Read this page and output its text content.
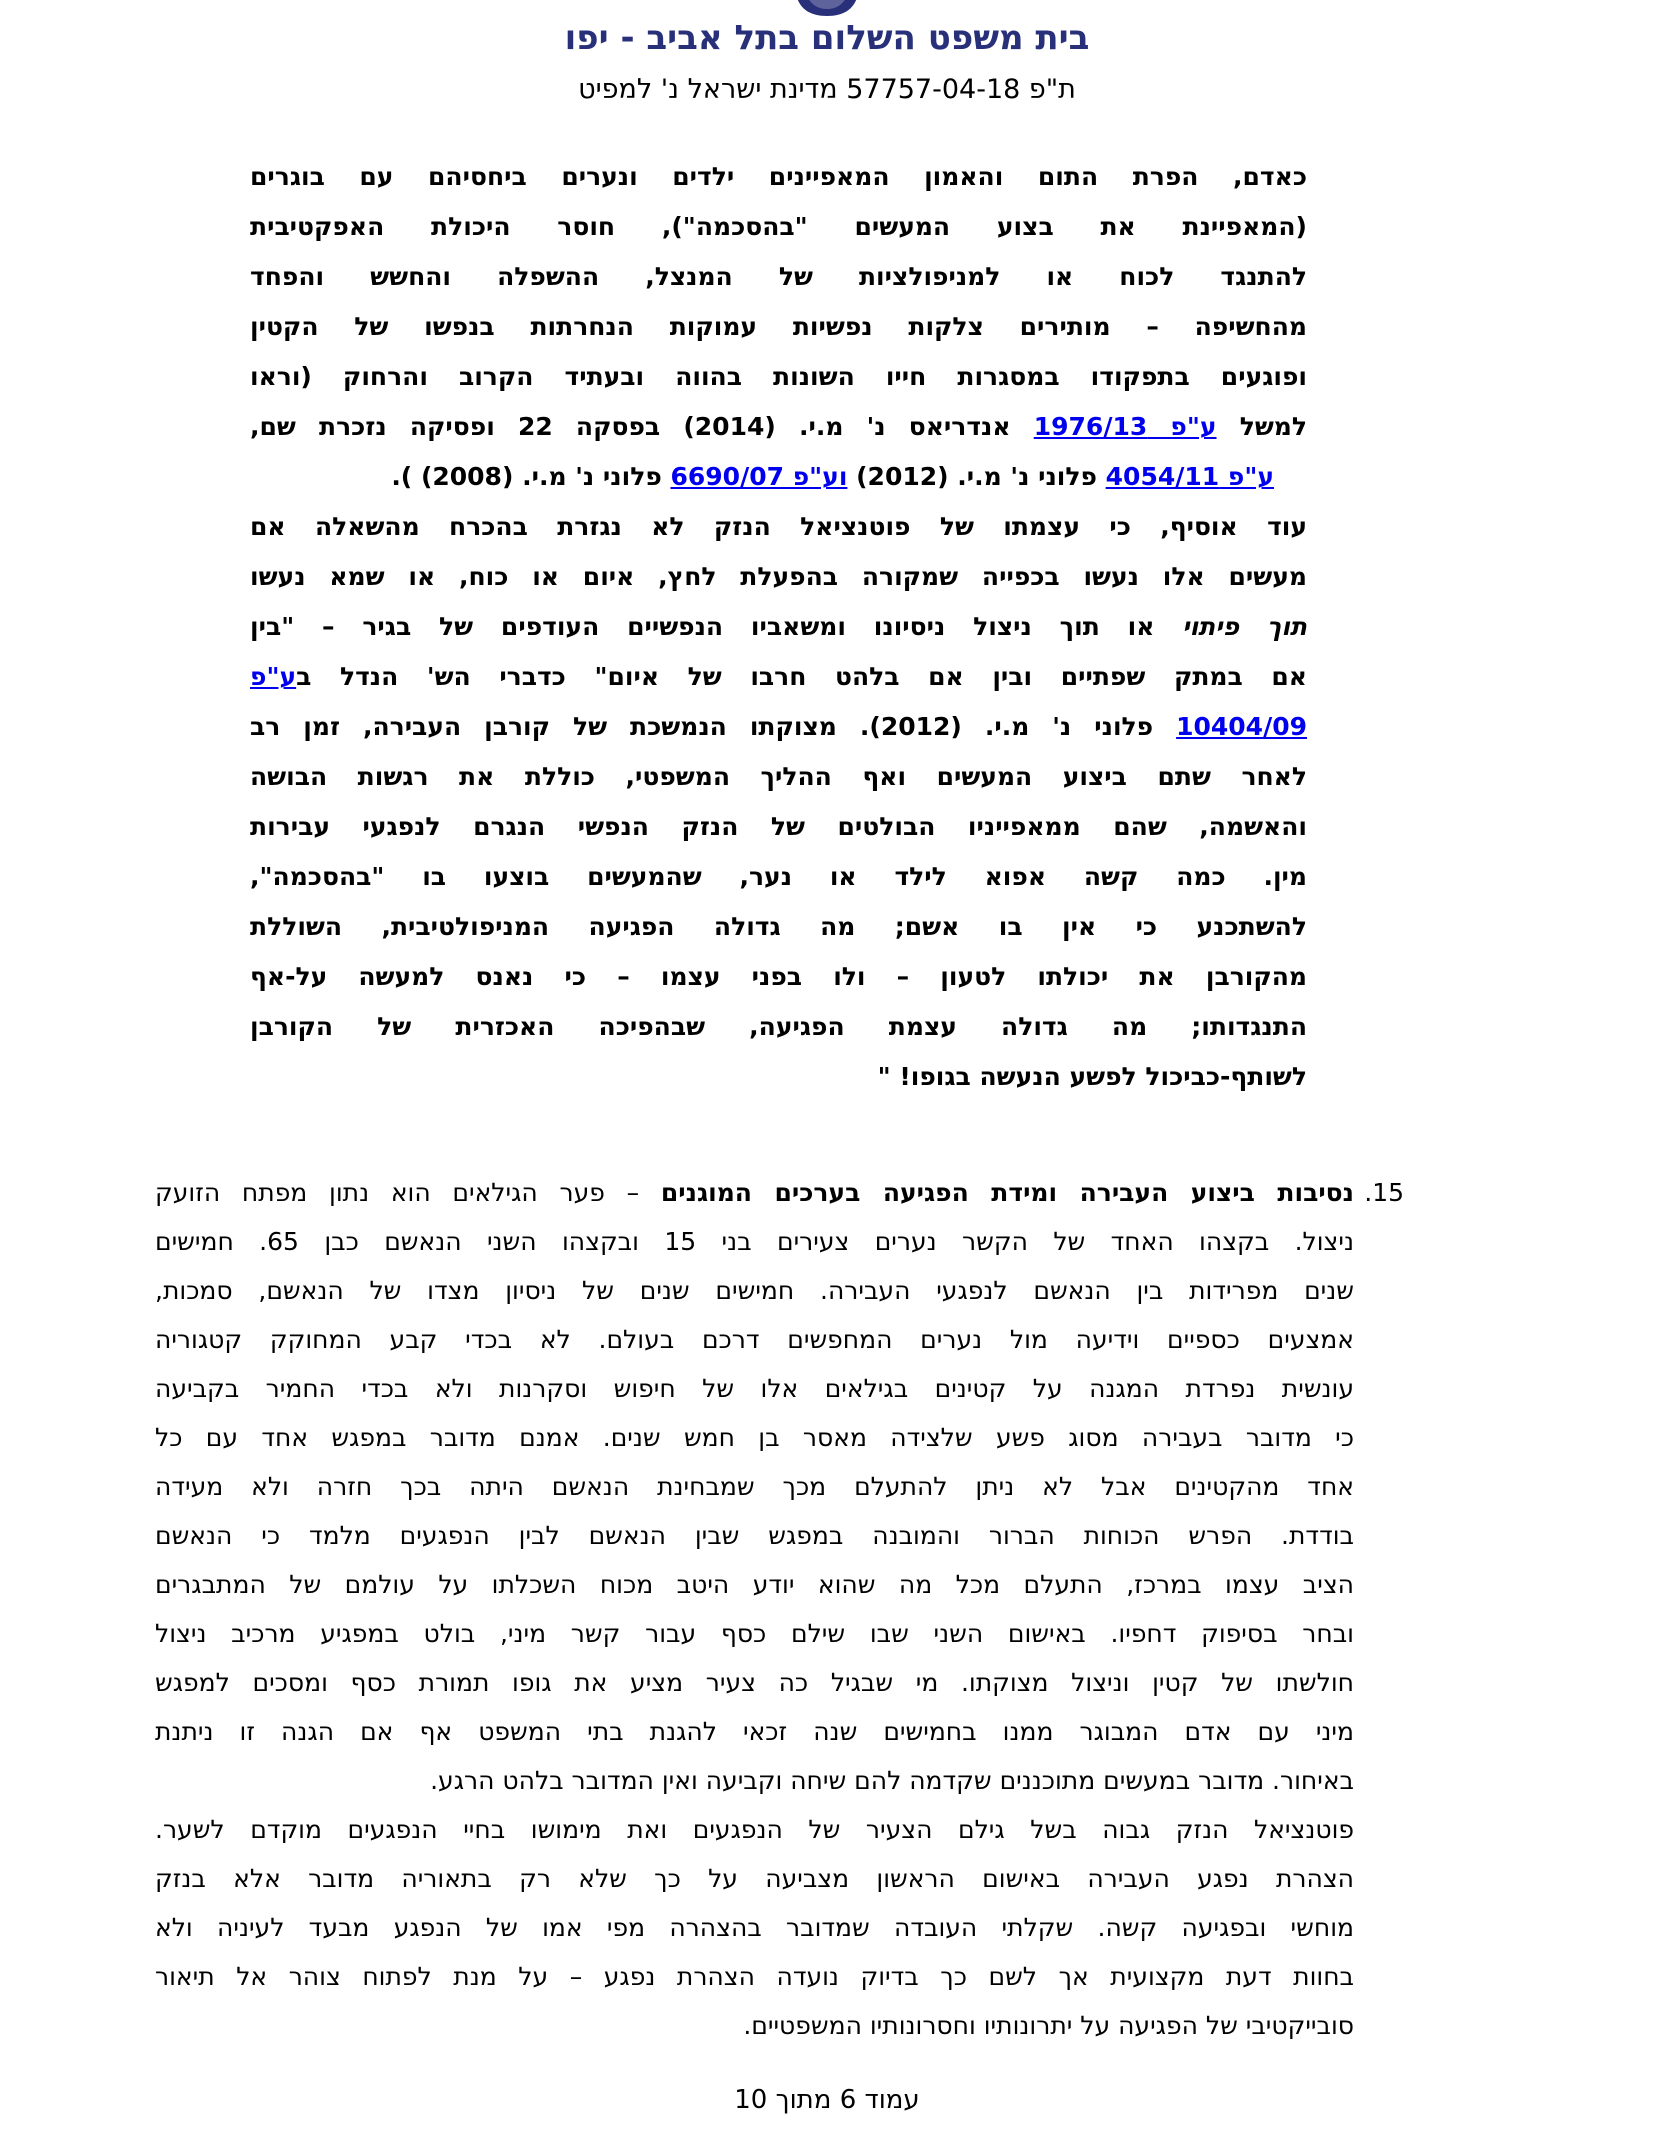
בית משפט השלום בתל אביב - יפו
ת"פ 57757-04-18 מדינת ישראל נ' למפיט
כאדם, הפרת התום והאמון המאפיינים ילדים ונערים ביחסיהם עם בוגרים
(המאפיינת את בצוע המעשים "בהסכמה"), חוסר היכולת האפקטיבית
להתנגד לכוח או למניפולציות של המנצל, ההשפלה והחשש והפחד
מהחשיפה – מותירים צלקות נפשיות עמוקות הנחרתות בנפשו של הקטין
ופוגעים בתפקודו במסגרות חייו השונות בהווה ובעתיד הקרוב והרחוק (וראו
למשל ע"פ 1976/13 אנדריאס נ' מ.י. (2014) בפסקה 22 ופסיקה נזכרת שם,
ע"פ 4054/11 פלוני נ' מ.י. (2012) וע"פ 6690/07 פלוני נ' מ.י. (2008) ).
עוד אוסיף, כי עצמתו של פוטנציאל הנזק לא נגזרת בהכרח מהשאלה אם
מעשים אלו נעשו בכפייה שמקורה בהפעלת לחץ, איום או כוח, או שמא נעשו
תוך פיתוי או תוך ניצול ניסיונו ומשאביו הנפשיים העודפים של בגיר – "בין
אם במתק שפתיים ובין אם בלהט חרבו של איום" כדברי הש' הנדל בע"פ
10404/09 פלוני נ' מ.י. (2012). מצוקתו הנמשכת של קורבן העבירה, זמן רב
לאחר שתם ביצוע המעשים ואף ההליך המשפטי, כוללת את רגשות הבושה
והאשמה, שהם ממאפייניו הבולטים של הנזק הנפשי הנגרם לנפגעי עבירות
מין. כמה קשה אפוא לילד או נער, שהמעשים בוצעו בו "בהסכמה",
להשתכנע כי אין בו אשם; מה גדולה הפגיעה המניפולטיבית, השוללת
מהקורבן את יכולתו לטעון – ולו בפני עצמו – כי נאנס למעשה על-אף
התנגדותו; מה גדולה עצמת הפגיעה, שבהפיכה האכזרית של הקורבן
לשותף-כביכול לפשע הנעשה בגופו! "
15.
נסיבות ביצוע העבירה ומידת הפגיעה בערכים המוגנים – פער הגילאים הוא נתון מפתח הזועק
ניצול. בקצהו האחד של הקשר נערים צעירים בני 15 ובקצהו השני הנאשם כבן 65. חמישים
שנים מפרידות בין הנאשם לנפגעי העבירה. חמישים שנים של ניסיון מצדו של הנאשם, סמכות,
אמצעים כספיים וידיעה מול נערים המחפשים דרכם בעולם. לא בכדי קבע המחוקק קטגוריה
עונשית נפרדת המגנה על קטינים בגילאים אלו של חיפוש וסקרנות ולא בכדי החמיר בקביעה
כי מדובר בעבירה מסוג פשע שלצידה מאסר בן חמש שנים. אמנם מדובר במפגש אחד עם כל
אחד מהקטינים אבל לא ניתן להתעלם מכך שמבחינת הנאשם היתה בכך חזרה ולא מעידה
בודדת. הפרש הכוחות הברור והמובנה במפגש שבין הנאשם לבין הנפגעים מלמד כי הנאשם
הציב עצמו במרכז, התעלם מכל מה שהוא יודע היטב מכוח השכלתו על עולמם של המתבגרים
ובחר בסיפוק דחפיו. באישום השני שבו שילם כסף עבור קשר מיני, בולט במפגיע מרכיב ניצול
חולשתו של קטין וניצול מצוקתו. מי שבגיל כה צעיר מציע את גופו תמורת כסף ומסכים למפגש
מיני עם אדם המבוגר ממנו בחמישים שנה זכאי להגנת בתי המשפט אף אם הגנה זו ניתנת
באיחור. מדובר במעשים מתוכננים שקדמה להם שיחה וקביעה ואין המדובר בלהט הרגע.
פוטנציאל הנזק גבוה בשל גילם הצעיר של הנפגעים ואת מימושו בחיי הנפגעים מוקדם לשער.
הצהרת נפגע העבירה באישום הראשון מצביעה על כך שלא רק בתאוריה מדובר אלא בנזק
מוחשי ובפגיעה קשה. שקלתי העובדה שמדובר בהצהרה מפי אמו של הנפגע מבעד לעיניה ולא
בחוות דעת מקצועית אך לשם כך בדיוק נועדה הצהרת נפגע – על מנת לפתוח צוהר אל תיאור
סובייקטיבי של הפגיעה על יתרונותיו וחסרונותיו המשפטיים.
עמוד 6 מתוך 10
